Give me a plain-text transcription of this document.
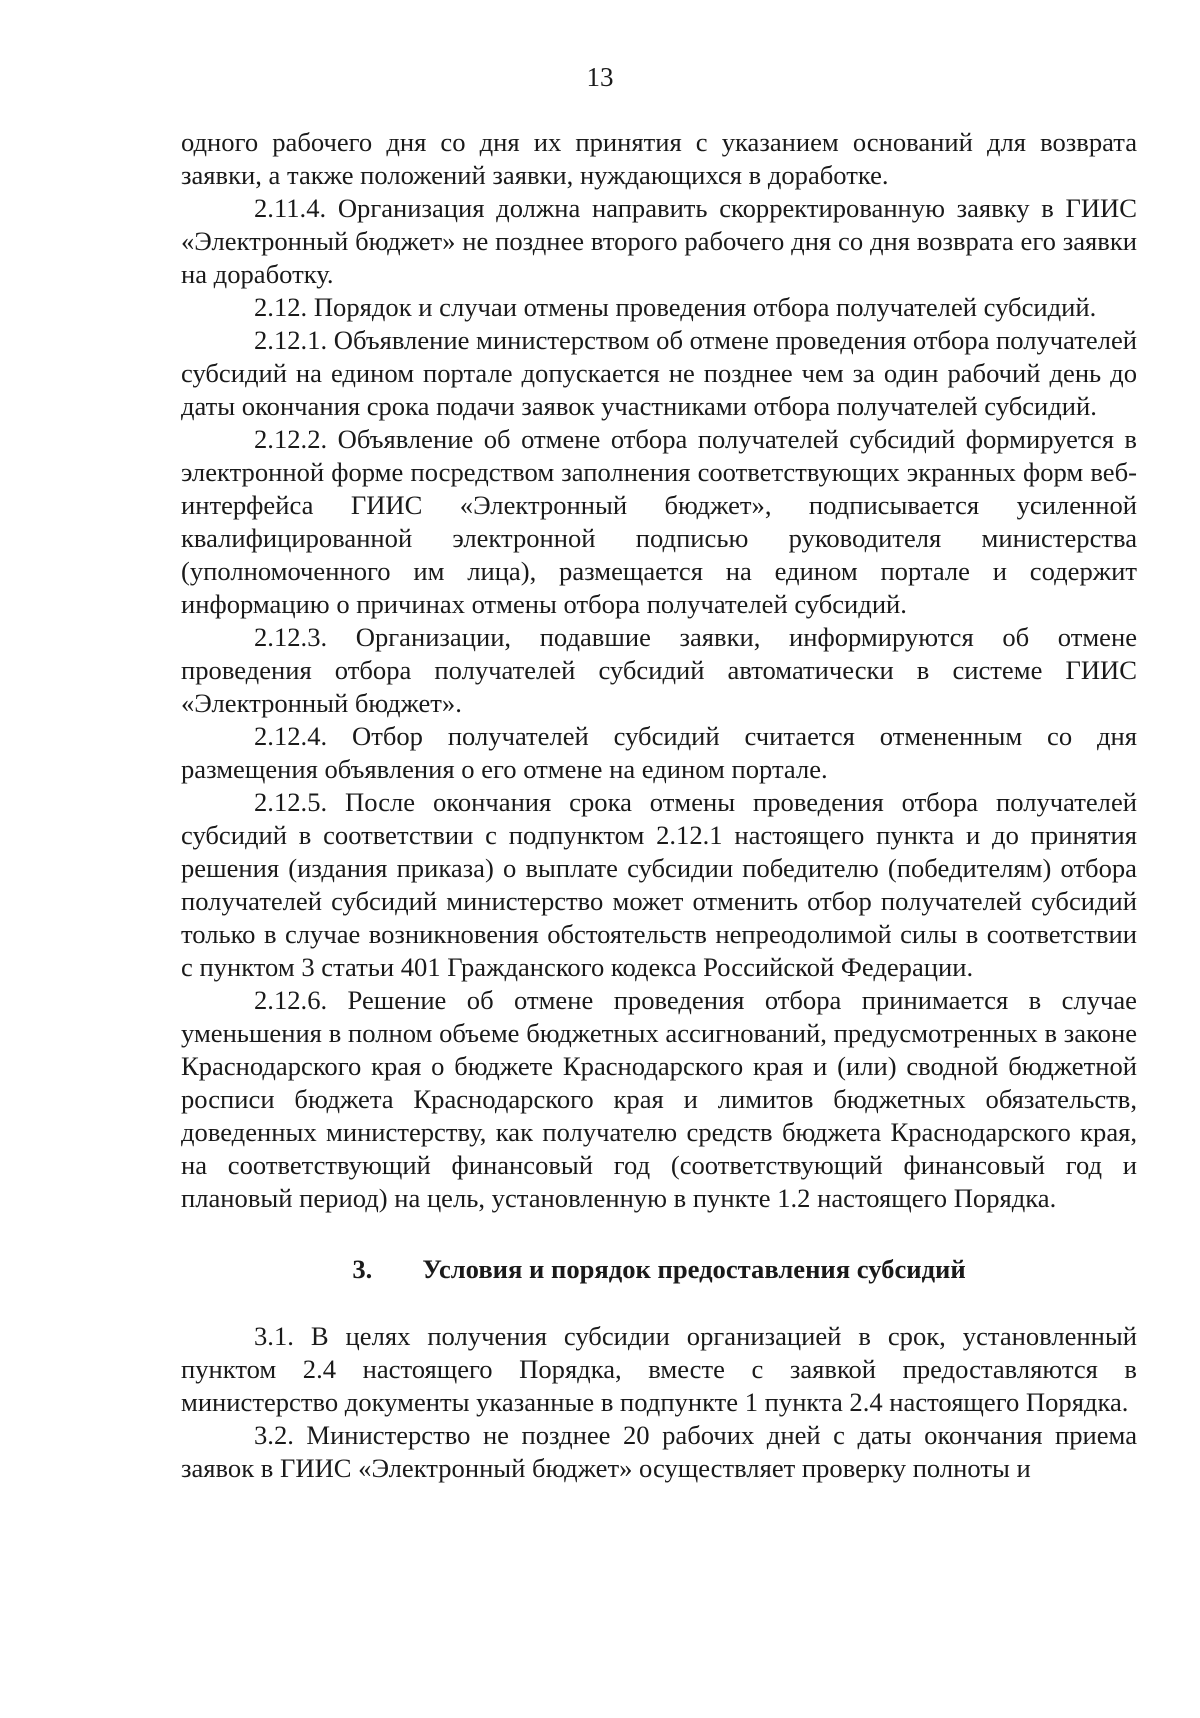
13

одного рабочего дня со дня их принятия с указанием оснований для возврата заявки, а также положений заявки, нуждающихся в доработке.

2.11.4. Организация должна направить скорректированную заявку в ГИИС «Электронный бюджет» не позднее второго рабочего дня со дня возврата его заявки на доработку.

2.12. Порядок и случаи отмены проведения отбора получателей субсидий.

2.12.1. Объявление министерством об отмене проведения отбора получателей субсидий на едином портале допускается не позднее чем за один рабочий день до даты окончания срока подачи заявок участниками отбора получателей субсидий.

2.12.2. Объявление об отмене отбора получателей субсидий формируется в электронной форме посредством заполнения соответствующих экранных форм веб-интерфейса ГИИС «Электронный бюджет», подписывается усиленной квалифицированной электронной подписью руководителя министерства (уполномоченного им лица), размещается на едином портале и содержит информацию о причинах отмены отбора получателей субсидий.

2.12.3. Организации, подавшие заявки, информируются об отмене проведения отбора получателей субсидий автоматически в системе ГИИС «Электронный бюджет».

2.12.4. Отбор получателей субсидий считается отмененным со дня размещения объявления о его отмене на едином портале.

2.12.5. После окончания срока отмены проведения отбора получателей субсидий в соответствии с подпунктом 2.12.1 настоящего пункта и до принятия решения (издания приказа) о выплате субсидии победителю (победителям) отбора получателей субсидий министерство может отменить отбор получателей субсидий только в случае возникновения обстоятельств непреодолимой силы в соответствии с пунктом 3 статьи 401 Гражданского кодекса Российской Федерации.

2.12.6. Решение об отмене проведения отбора принимается в случае уменьшения в полном объеме бюджетных ассигнований, предусмотренных в законе Краснодарского края о бюджете Краснодарского края и (или) сводной бюджетной росписи бюджета Краснодарского края и лимитов бюджетных обязательств, доведенных министерству, как получателю средств бюджета Краснодарского края, на соответствующий финансовый год (соответствующий финансовый год и плановый период) на цель, установленную в пункте 1.2 настоящего Порядка.

3. Условия и порядок предоставления субсидий

3.1. В целях получения субсидии организацией в срок, установленный пунктом 2.4 настоящего Порядка, вместе с заявкой предоставляются в министерство документы указанные в подпункте 1 пункта 2.4 настоящего Порядка.

3.2. Министерство не позднее 20 рабочих дней с даты окончания приема заявок в ГИИС «Электронный бюджет» осуществляет проверку полноты и
